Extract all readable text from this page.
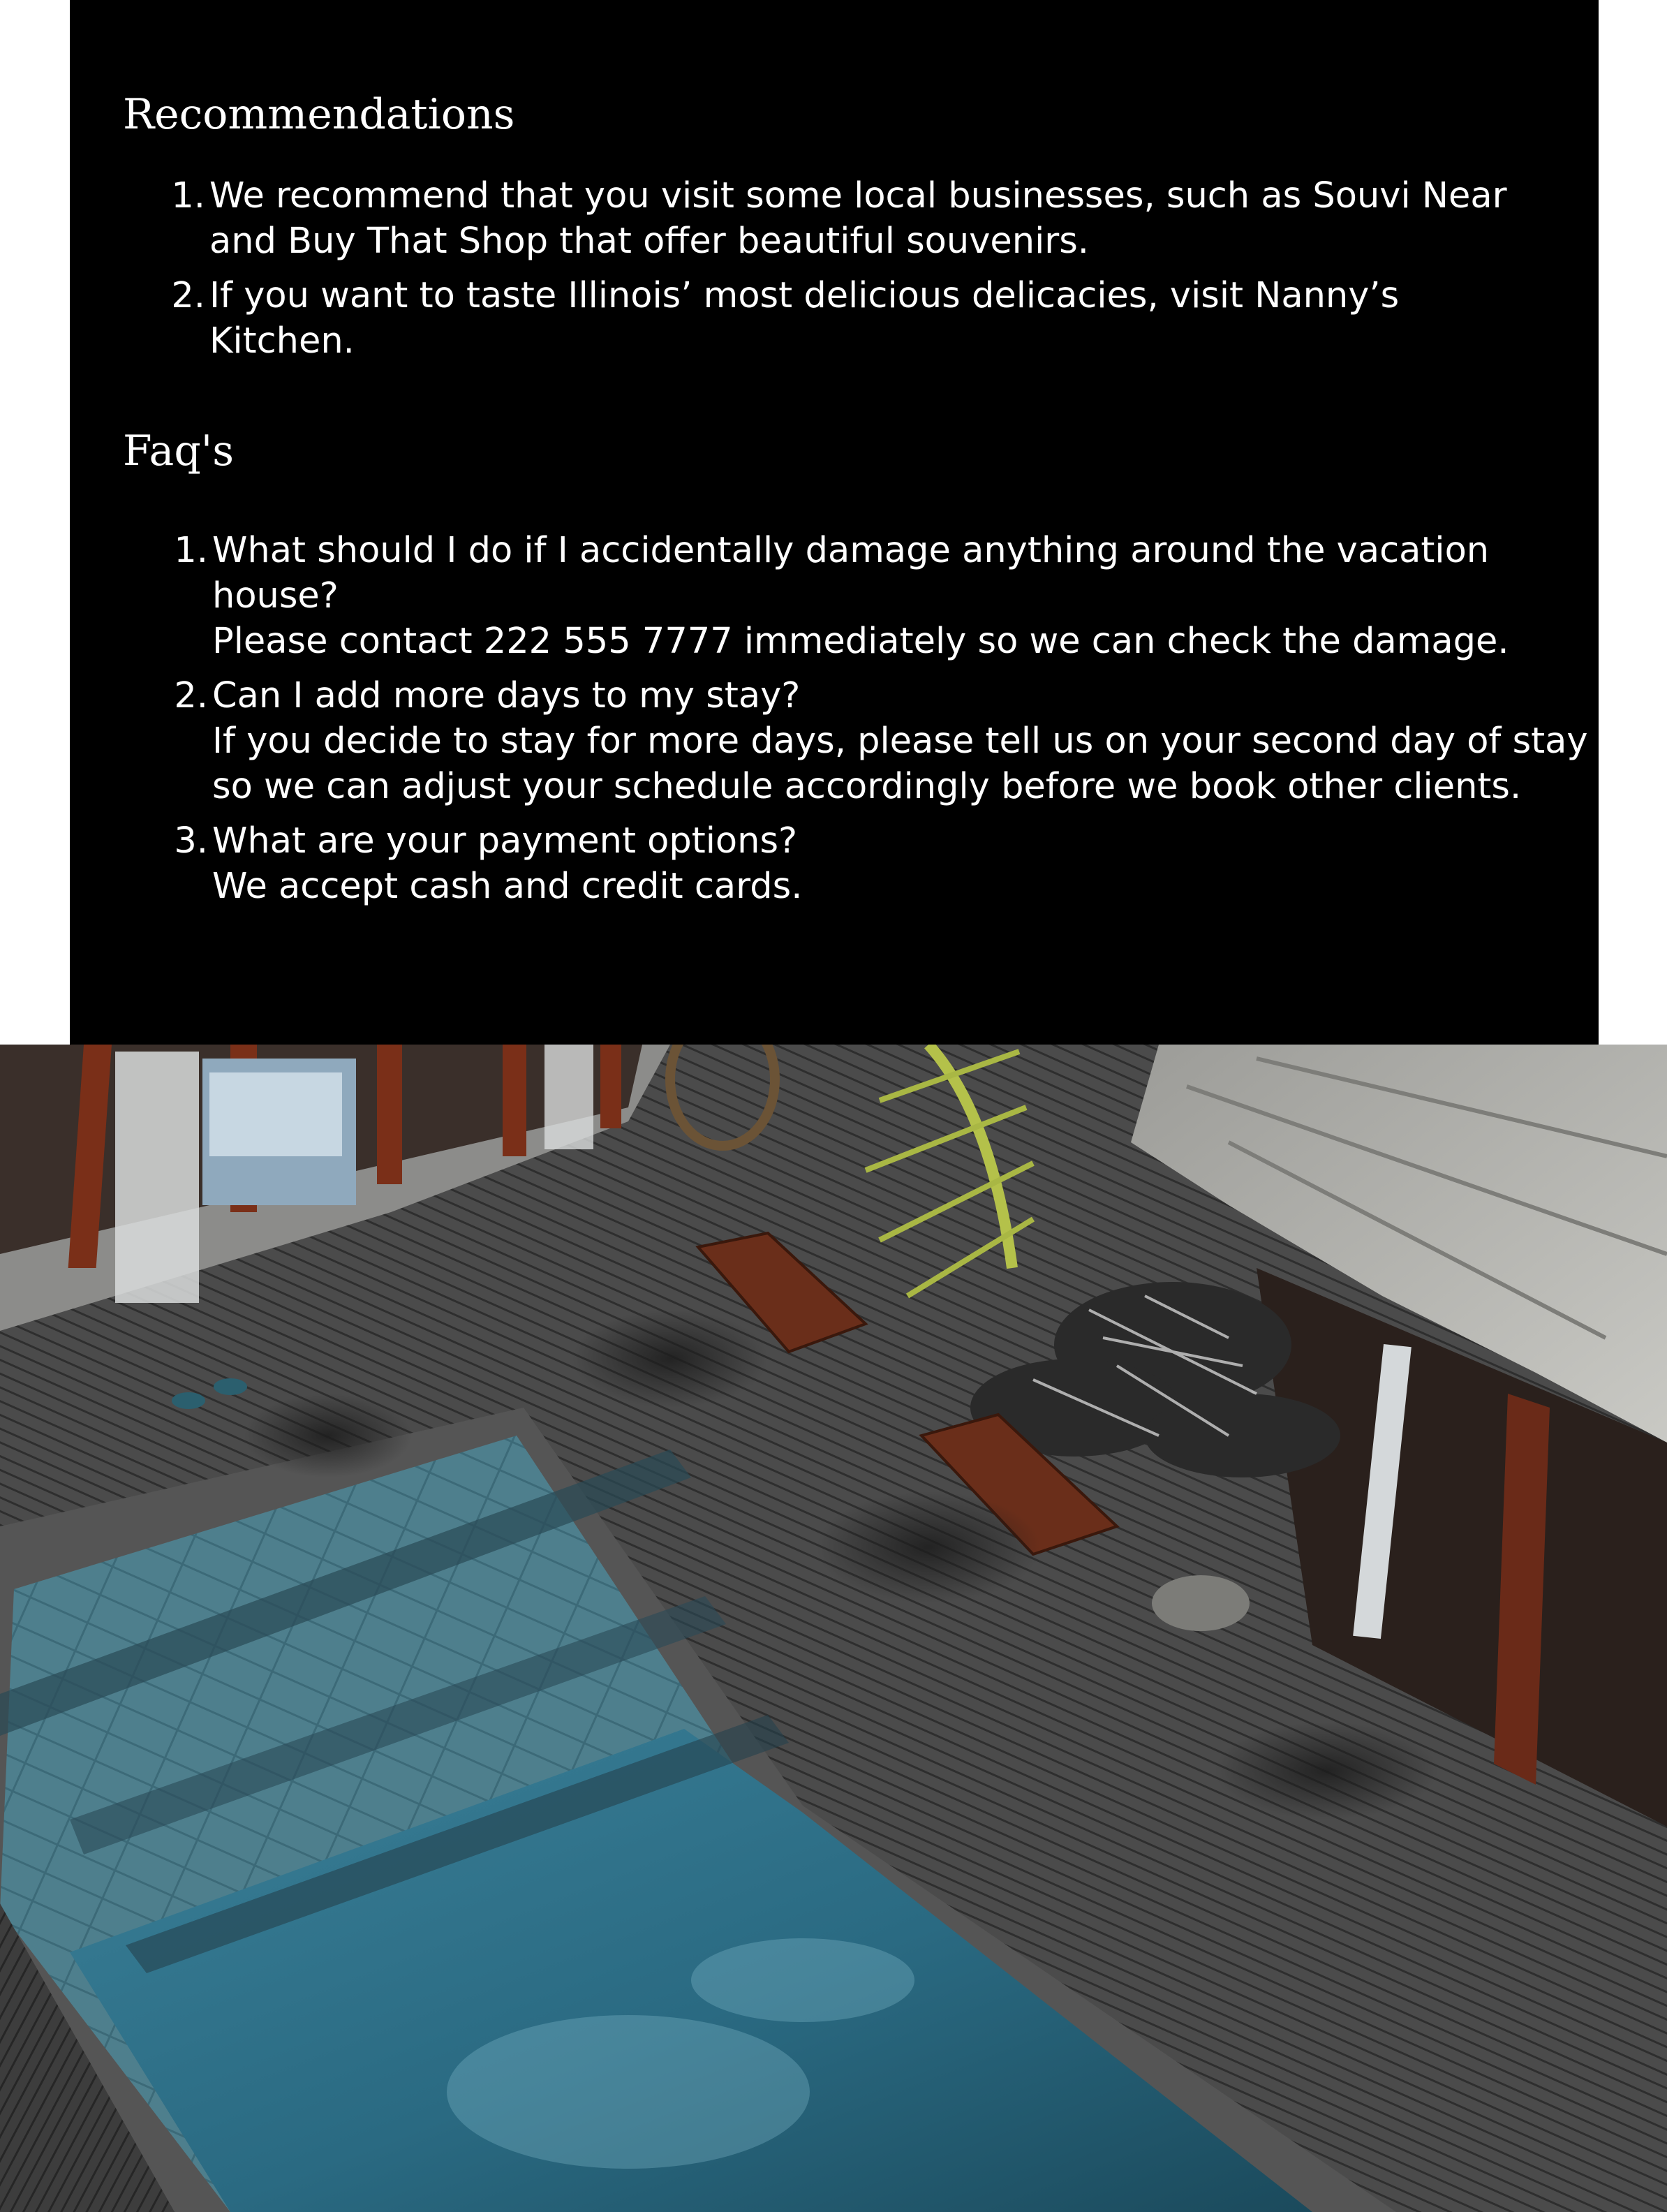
Recommendations
1. We recommend that you visit some local businesses, such as Souvi Near and Buy That Shop that offer beautiful souvenirs.
2. If you want to taste Illinois’ most delicious delicacies, visit Nanny’s Kitchen.
Faq's
1. What should I do if I accidentally damage anything around the vacation house?
Please contact 222 555 7777 immediately so we can check the damage.
2. Can I add more days to my stay?
If you decide to stay for more days, please tell us on your second day of stay so we can adjust your schedule accordingly before we book other clients.
3. What are your payment options?
We accept cash and credit cards.
